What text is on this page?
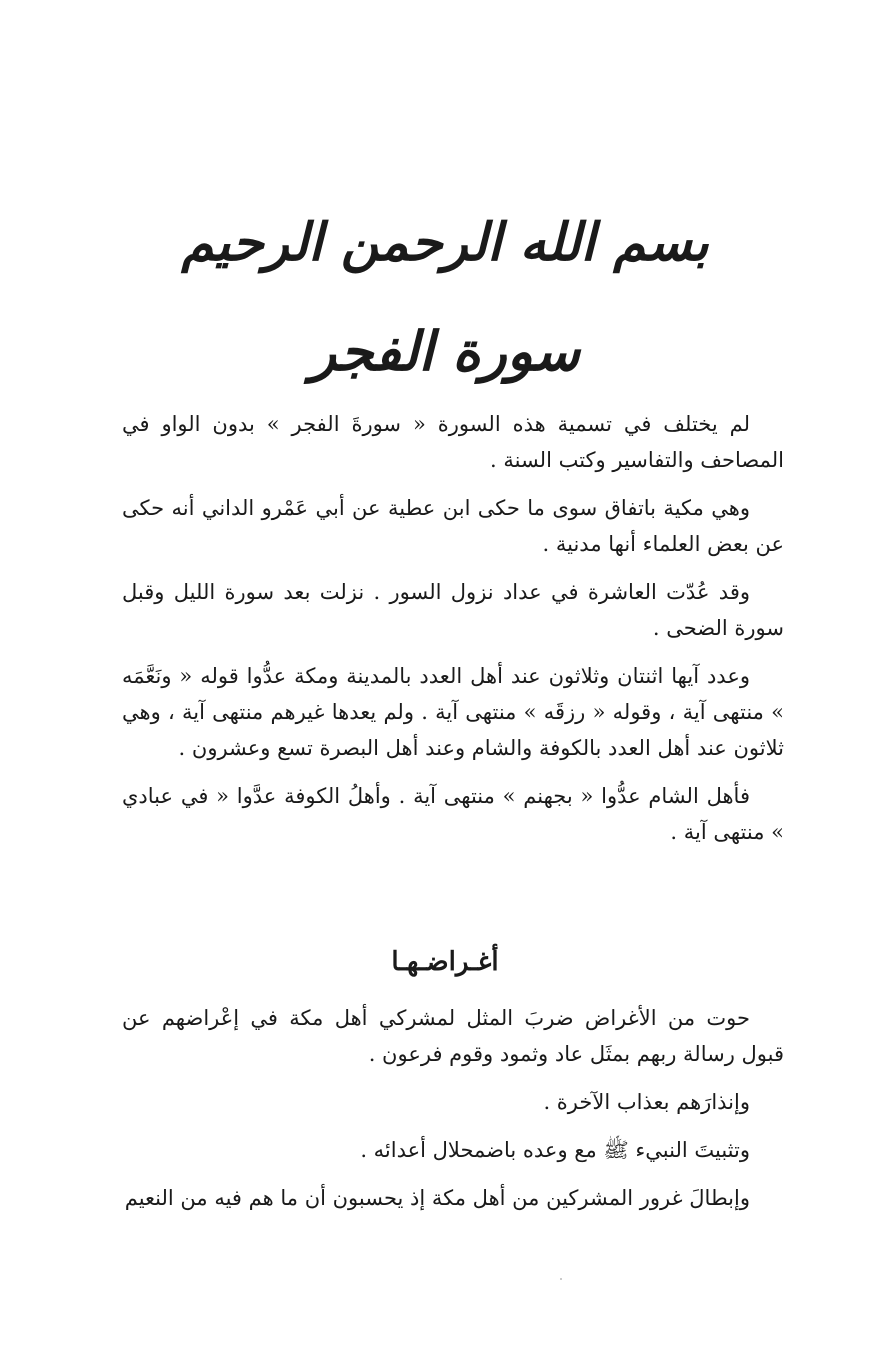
بسم الله الرحمن الرحيم
سورة الفجر

لم يختلف في تسمية هذه السورة « سورةَ الفجر » بدون الواو في المصاحف والتفاسير وكتب السنة .

وهي مكية باتفاق سوى ما حكى ابن عطية عن أبي عَمْرو الداني أنه حكى عن بعض العلماء أنها مدنية .

وقد عُدّت العاشرة في عداد نزول السور . نزلت بعد سورة الليل وقبل سورة الضحى .

وعدد آيها اثنتان وثلاثون عند أهل العدد بالمدينة ومكة عدُّوا قوله « ونَعَّمَه » منتهى آية ، وقوله « رزقَه » منتهى آية . ولم يعدها غيرهم منتهى آية ، وهي ثلاثون عند أهل العدد بالكوفة والشام وعند أهل البصرة تسع وعشرون .

فأهل الشام عدُّوا « بجهنم » منتهى آية . وأهلُ الكوفة عدَّوا « في عبادي » منتهى آية .

أغـراضـهـا

حوت من الأغراض ضربَ المثل لمشركي أهل مكة في إعْراضهم عن قبول رسالة ربهم بمثَل عاد وثمود وقوم فرعون .

وإنذارَهم بعذاب الآخرة .

وتثبيتَ النبيء ﷺ مع وعده باضمحلال أعدائه .

وإبطالَ غرور المشركين من أهل مكة إذ يحسبون أن ما هم فيه من النعيم
